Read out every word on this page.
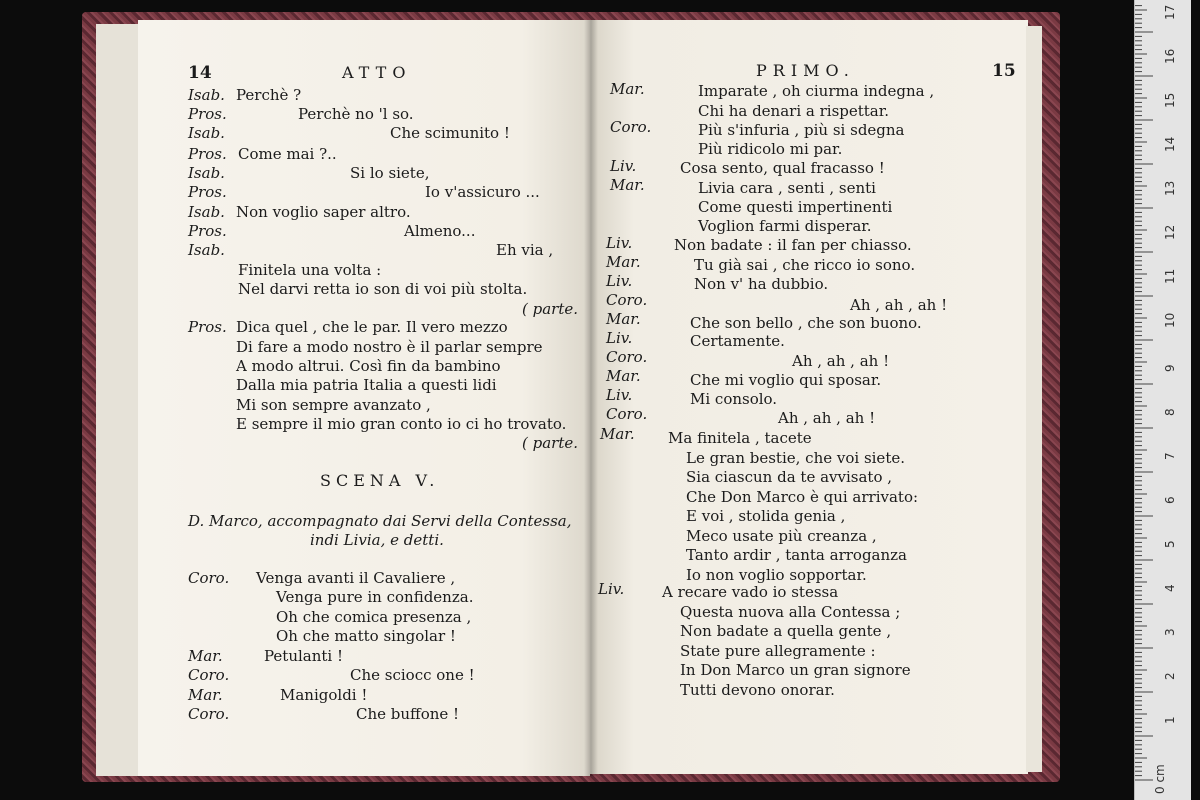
14	ATTO
Isab. Perchè ?
Pros.	Perchè no 'l so.
Isab.	Che scimunito !
Pros. Come mai ?..
Isab.	Si lo siete,
Pros.	Io v'assicuro ...
Isab. Non voglio saper altro.
Pros.	Almeno...
Isab.	Eh via ,
Finitela una volta :
Nel darvi retta io son di voi più stolta.
( parte.
Pros. Dica quel , che le par. Il vero mezzo
Di fare a modo nostro è il parlar sempre
A modo altrui. Così fin da bambino
Dalla mia patria Italia a questi lidi
Mi son sempre avanzato ,
E sempre il mio gran conto io ci ho trovato.
( parte.
SCENA V.
D. Marco, accompagnato dai Servi della Contessa,
indi Livia, e detti.
Coro. Venga avanti il Cavaliere ,
Venga pure in confidenza.
Oh che comica presenza ,
Oh che matto singolar !
Mar.	Petulanti !
Coro.	Che sciocc one !
Mar.	Manigoldi !
Coro.	Che buffone !
PRIMO.	15
Mar.	Imparate , oh ciurma indegna ,
Chi ha denari a rispettar.
Coro.	Più s'infuria , più si sdegna
Più ridicolo mi par.
Liv.	Cosa sento, qual fracasso !
Mar.	Livia cara , senti , senti
Come questi impertinenti
Voglion farmi disperar.
Liv.	Non badate : il fan per chiasso.
Mar.	Tu già sai , che ricco io sono.
Liv.	Non v' ha dubbio.
Coro.	Ah , ah , ah !
Mar.	Che son bello , che son buono.
Liv.	Certamente.
Coro.	Ah , ah , ah !
Mar.	Che mi voglio qui sposar.
Liv.	Mi consolo.
Coro.	Ah , ah , ah !
Mar. Ma finitela , tacete
Le gran bestie, che voi siete.
Sia ciascun da te avvisato ,
Che Don Marco è qui arrivato:
E voi , stolida genia ,
Meco usate più creanza ,
Tanto ardir , tanta arroganza
Io non voglio sopportar.
Liv.	A recare vado io stessa
Questa nuova alla Contessa ;
Non badate a quella gente ,
State pure allegramente :
In Don Marco un gran signore
Tutti devono onorar.
17
16
15
14
13
12
11
10
9
8
7
6
5
4
3
2
1
0 cm
